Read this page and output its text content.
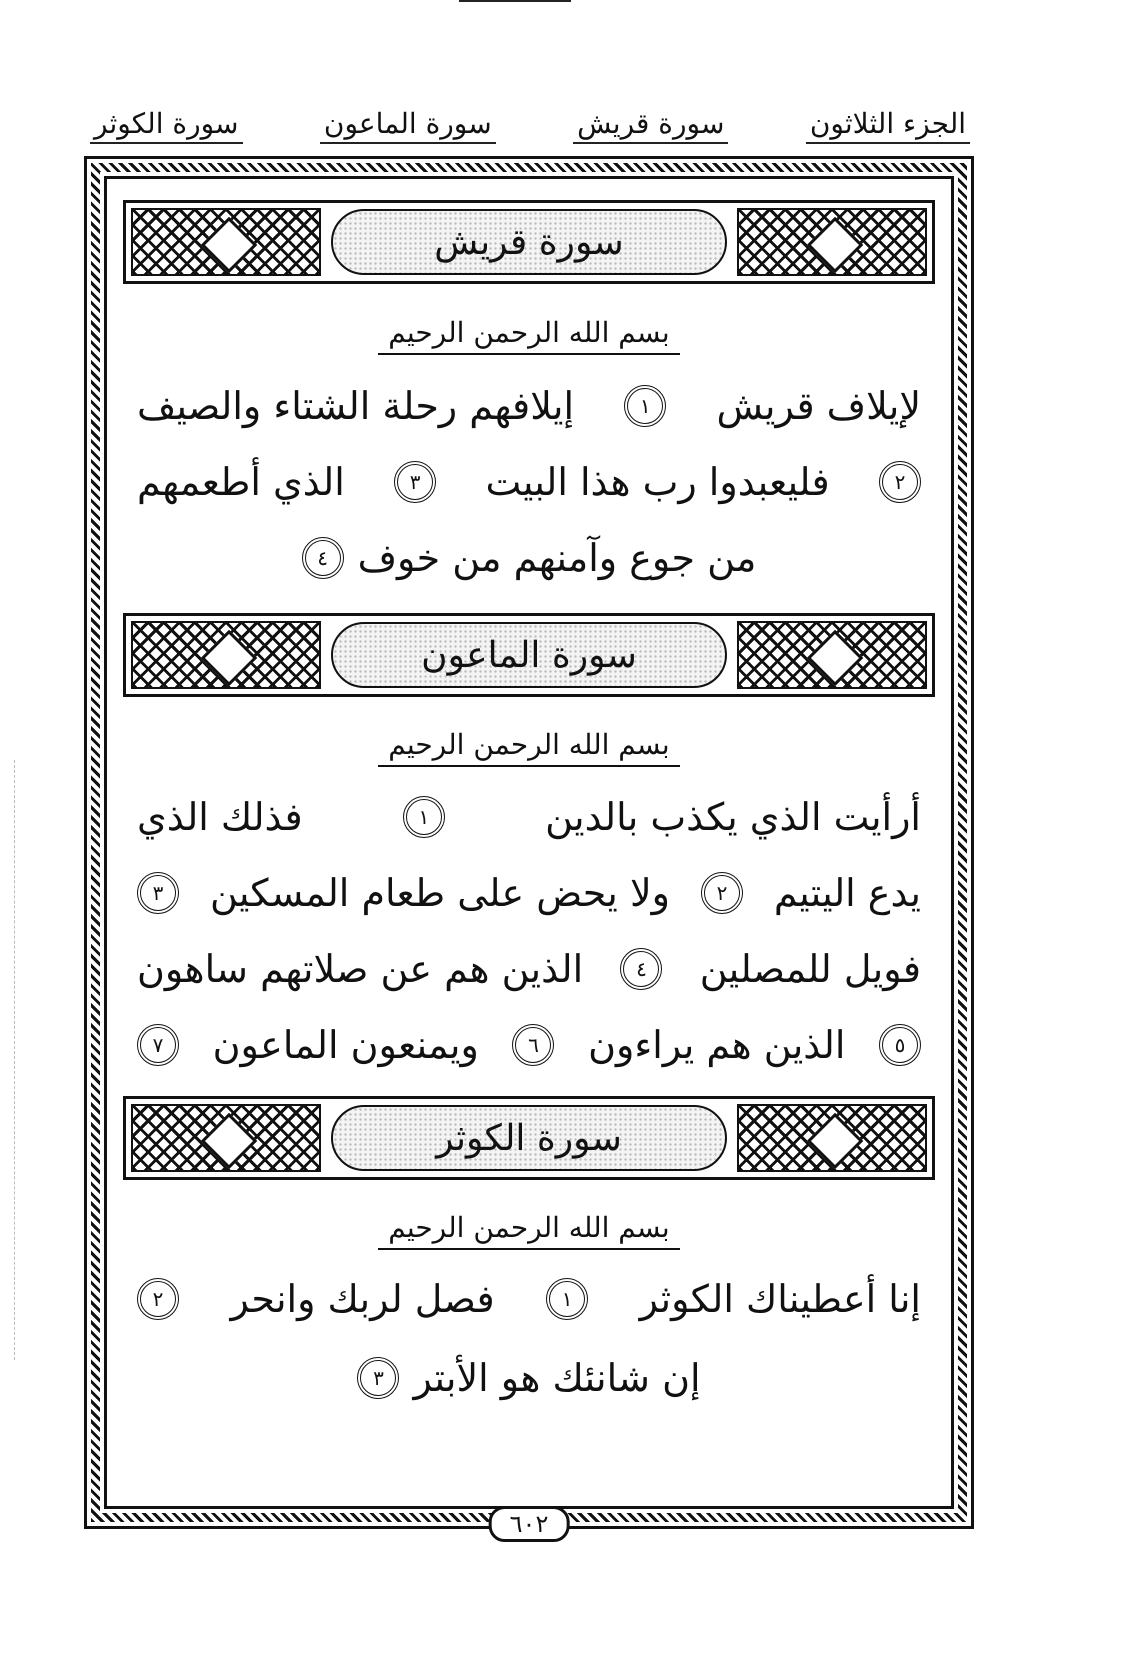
الجزء الثلاثون
سورة قريش
سورة الماعون
سورة الكوثر
سورة قريش
بسم الله الرحمن الرحيم
لإيلاف قريش
١
إيلافهم رحلة الشتاء والصيف
٢
فليعبدوا رب هذا البيت
٣
الذي أطعمهم
من جوع وآمنهم من خوف
٤
سورة الماعون
بسم الله الرحمن الرحيم
أرأيت الذي يكذب بالدين
١
فذلك الذي
يدع اليتيم
٢
ولا يحض على طعام المسكين
٣
فويل للمصلين
٤
الذين هم عن صلاتهم ساهون
٥
الذين هم يراءون
٦
ويمنعون الماعون
٧
سورة الكوثر
بسم الله الرحمن الرحيم
إنا أعطيناك الكوثر
١
فصل لربك وانحر
٢
إن شانئك هو الأبتر
٣
٦٠٢
